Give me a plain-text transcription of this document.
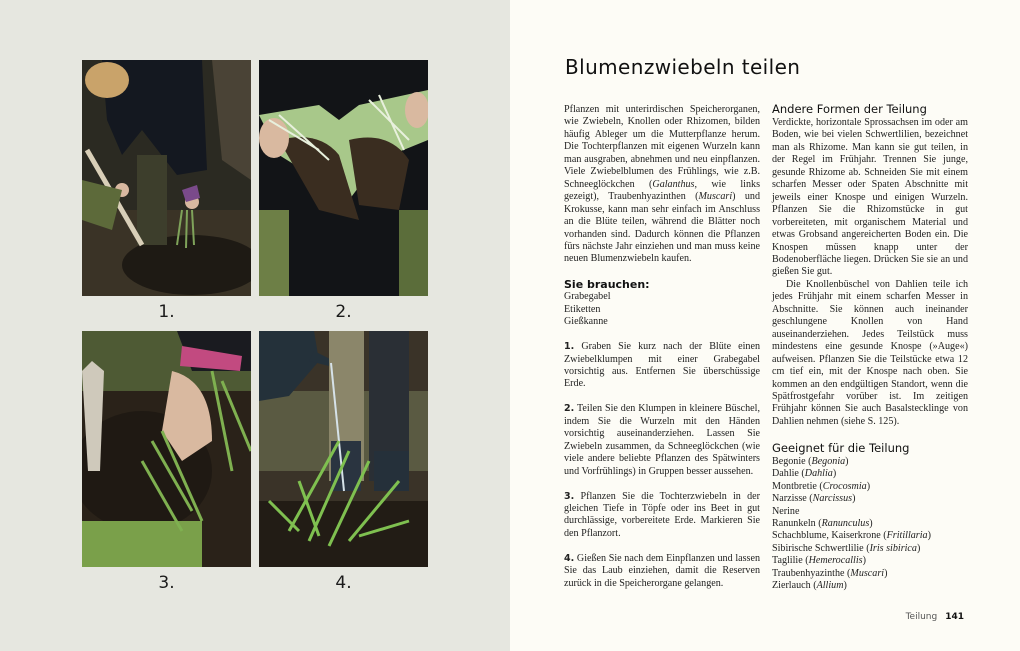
1.	2.
3.	4.
Blumenzwiebeln teilen

Pflanzen mit unterirdischen Speicherorganen, wie Zwiebeln, Knollen oder Rhizomen, bilden häufig Ableger um die Mutterpflanze herum. Die Tochterpflanzen mit eigenen Wurzeln kann man ausgraben, abnehmen und neu einpflanzen. Viele Zwiebelblumen des Frühlings, wie z.B. Schneeglöckchen (Galanthus, wie links gezeigt), Traubenhyazinthen (Muscari) und Krokusse, kann man sehr einfach im Anschluss an die Blüte teilen, während die Blätter noch vorhanden sind. Dadurch können die Pflanzen fürs nächste Jahr einziehen und man muss keine neuen Blumenzwiebeln kaufen.

Sie brauchen:
Grabegabel
Etiketten
Gießkanne

1. Graben Sie kurz nach der Blüte einen Zwiebelklumpen mit einer Grabegabel vorsichtig aus. Entfernen Sie überschüssige Erde.

2. Teilen Sie den Klumpen in kleinere Büschel, indem Sie die Wurzeln mit den Händen vorsichtig auseinanderziehen. Lassen Sie Zwiebeln zusammen, da Schneeglöckchen (wie viele andere beliebte Pflanzen des Spätwinters und Vorfrühlings) in Gruppen besser aussehen.

3. Pflanzen Sie die Tochterzwiebeln in der gleichen Tiefe in Töpfe oder ins Beet in gut durchlässige, vorbereitete Erde. Markieren Sie den Pflanzort.

4. Gießen Sie nach dem Einpflanzen und lassen Sie das Laub einziehen, damit die Reserven zurück in die Speicherorgane gelangen.

Andere Formen der Teilung

Verdickte, horizontale Sprossachsen im oder am Boden, wie bei vielen Schwertlilien, bezeichnet man als Rhizome. Man kann sie gut teilen, in der Regel im Frühjahr. Trennen Sie junge, gesunde Rhizome ab. Schneiden Sie mit einem scharfen Messer oder Spaten Abschnitte mit jeweils einer Knospe und einigen Wurzeln. Pflanzen Sie die Rhizomstücke in gut vorbereiteten, mit organischem Material und etwas Grobsand angereicherten Boden ein. Die Knospen müssen knapp unter der Bodenoberfläche liegen. Drücken Sie sie an und gießen Sie gut.

Die Knollenbüschel von Dahlien teile ich jedes Frühjahr mit einem scharfen Messer in Abschnitte. Sie können auch ineinander geschlungene Knollen von Hand auseinanderziehen. Jedes Teilstück muss mindestens eine gesunde Knospe (»Auge«) aufweisen. Pflanzen Sie die Teilstücke etwa 12 cm tief ein, mit der Knospe nach oben. Sie kommen an den endgültigen Standort, wenn die Spätfrostgefahr vorüber ist. Im zeitigen Frühjahr können Sie auch Basalstecklinge von Dahlien nehmen (siehe S. 125).

Geeignet für die Teilung
Begonie (Begonia)
Dahlie (Dahlia)
Montbretie (Crocosmia)
Narzisse (Narcissus)
Nerine
Ranunkeln (Ranunculus)
Schachblume, Kaiserkrone (Fritillaria)
Sibirische Schwertlilie (Iris sibirica)
Taglilie (Hemerocallis)
Traubenhyazinthe (Muscari)
Zierlauch (Allium)
Teilung 141
